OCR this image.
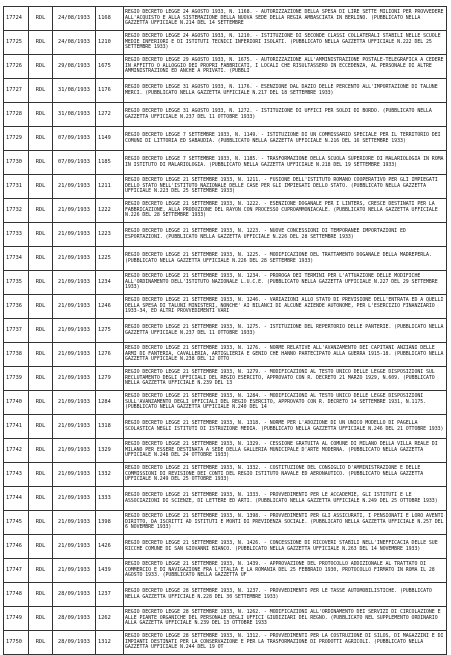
17724	RDL	24/08/1933	1168	REGIO DECRETO LEGGE 24 AGOSTO 1933, N. 1168. - AUTORIZZAZIONE DELLA SPESA DI LIRE SETTE MILIONI PER PROVVEDERE ALL'ACQUISTO E ALLA SISTEMAZIONE DELLA NUOVA SEDE DELLA REGIA AMBASCIATA IN BERLINO. (PUBBLICATO NELLA GAZZETTA UFFICIALE N.214 DEL 14 SETTEMBRE
17725	RDL	24/08/1933	1210	REGIO DECRETO LEGGE 24 AGOSTO 1933, N. 1210. - ISTITUZIONE DI SECONDE CLASSI COLLATERALI STABILI NELLE SCUOLE MEDIE INFERIORI E DI ISTITUTI TECNICI INFERIORI ISOLATI. (PUBBLICATO NELLA GAZZETTA UFFICIALE N.222 DEL 25 SETTEMBRE 1933)
17726	RDL	29/08/1933	1675	REGIO DECRETO LEGGE 29 AGOSTO 1933, N. 1675. - AUTORIZZAZIONE ALL'AMMINISTRAZIONE POSTALE-TELEGRAFICA A CEDERE IN AFFITTO O ALLOGGIO DEI PROPRI FABBRICATI, I LOCALI CHE RISULTASSERO IN ECCEDENZA, AL PERSONALE DI ALTRE AMMINISTRAZIONI ED ANCHE A PRIVATI. (PUBBLI
17727	RDL	31/08/1933	1176	REGIO DECRETO LEGGE 31 AGOSTO 1933, N. 1176. - ESENZIONE DAL DAZIO DELLE PERCENTO ALL'IMPORTAZIONE DI TALUNE MERCI. (PUBBLICATO NELLA GAZZETTA UFFICIALE N.217 DEL 18 SETTEMBRE 1933)
17728	RDL	31/08/1933	1272	REGIO DECRETO LEGGE 31 AGOSTO 1933, N. 1272. - ISTITUZIONE DI UFFICI PER SOLDI DI BORDO. (PUBBLICATO NELLA GAZZETTA UFFICIALE N.237 DEL 11 OTTOBRE 1933)
17729	RDL	07/09/1933	1149	REGIO DECRETO LEGGE 7 SETTEMBRE 1933, N. 1149. - ISTITUZIONE DI UN COMMISSARIO SPECIALE PER IL TERRITORIO DEI COMUNI DI LITTORIA ED SABAUDIA. (PUBBLICATO NELLA GAZZETTA UFFICIALE N.216 DEL 16 SETTEMBRE 1933)
17730	RDL	07/09/1933	1185	REGIO DECRETO LEGGE 7 SETTEMBRE 1933, N. 1185. - TRASFORMAZIONE DELLA SCUOLA SUPERIORE DI MALARIOLOGIA IN ROMA IN ISTITUTO DI MALARIOLOGIA. (PUBBLICATO NELLA GAZZETTA UFFICIALE N.218 DEL 19 SETTEMBRE 1933)
17731	RDL	21/09/1933	1211	REGIO DECRETO LEGGE 21 SETTEMBRE 1933, N. 1211. - FUSIONE DELL'ISTITUTO ROMANO COOPERATIVO PER GLI IMPIEGATI DELLO STATO NELL'ISTITUTO NAZIONALE DELLE CASE PER GLI IMPIEGATI DELLO STATO. (PUBBLICATO NELLA GAZZETTA UFFICIALE N.223 DEL 25 SETTEMBRE 1933)
17732	RDL	21/09/1933	1222	REGIO DECRETO LEGGE 21 SETTEMBRE 1933, N. 1222. - ESENZIONE DOGANALE PER I LINTERS, CRESCE DESTINATI PER LA FABBRICAZIONE, ALLA PRODUZIONE DEL RAYON CON PROCESSO CUPROAMMONIACALE. (PUBBLICATO NELLA GAZZETTA UFFICIALE N.226 DEL 28 SETTEMBRE 1933)
17733	RDL	21/09/1933	1223	REGIO DECRETO LEGGE 21 SETTEMBRE 1933, N. 1223. - NUOVE CONCESSIONI DI TEMPORANEE IMPORTAZIONI ED ESPORTAZIONI. (PUBBLICATO NELLA GAZZETTA UFFICIALE N.226 DEL 28 SETTEMBRE 1933)
17734	RDL	21/09/1933	1225	REGIO DECRETO LEGGE 21 SETTEMBRE 1933, N. 1225. - MODIFICAZIONE DEL TRATTAMENTO DOGANALE DELLA MADREPERLA. (PUBBLICATO NELLA GAZZETTA UFFICIALE N.226 DEL 28 SETTEMBRE 1933)
17735	RDL	21/09/1933	1234	REGIO DECRETO LEGGE 21 SETTEMBRE 1933, N. 1234. - PROROGA DEI TERMINI PER L'ATTUAZIONE DELLE MODIFICHE ALL'ORDINAMENTO DELL'ISTITUTO NAZIONALE L.U.C.E. (PUBBLICATO NELLA GAZZETTA UFFICIALE N.227 DEL 29 SETTEMBRE 1933)
17736	RDL	21/09/1933	1246	REGIO DECRETO LEGGE 21 SETTEMBRE 1933, N. 1246. - VARIAZIONI ALLO STATO DI PREVISIONE DELL'ENTRATA ED A QUELLI DELLA SPESA DI TALUNI MINISTERI, NONCHE' AI BILANCI DI ALCUNE AZIENDE AUTONOME, PER L'ESERCIZIO FINANZIARIO 1933-34, ED ALTRI PROVVEDIMENTI VARI
17737	RDL	21/09/1933	1275	REGIO DECRETO LEGGE 21 SETTEMBRE 1933, N. 1275. - ISTITUZIONE DEL REPERTORIO DELLE PANTERIE. (PUBBLICATO NELLA GAZZETTA UFFICIALE N.237 DEL 11 OTTOBRE 1933)
17738	RDL	21/09/1933	1276	REGIO DECRETO LEGGE 21 SETTEMBRE 1933, N. 1276. - NORME RELATIVE ALL'AVANZAMENTO DEI CAPITANI ANZIANI DELLE ARMI DI FANTERIA, CAVALLERIA, ARTIGLIERIA E GENIO CHE HANNO PARTECIPATO ALLA GUERRA 1915-18. (PUBBLICATO NELLA GAZZETTA UFFICIALE N.238 DEL 12 OTTO
17739	RDL	21/09/1933	1279	REGIO DECRETO LEGGE 21 SETTEMBRE 1933, N. 1279. - MODIFICAZIONI AL TESTO UNICO DELLE LEGGE DISPOSIZIONI SUL RECLUTAMENTO DEGLI UFFICIALI DEL REGIO ESERCITO, APPROVATO CON R. DECRETO 21 MARZO 1929, N.609. (PUBBLICATO NELLA GAZZETTA UFFICIALE N.239 DEL 13
17740	RDL	21/09/1933	1284	REGIO DECRETO LEGGE 21 SETTEMBRE 1933, N. 1284. - MODIFICAZIONI AL TESTO UNICO DELLE LEGGE DISPOSIZIONI SULL'AVANZAMENTO DEGLI UFFICIALI DEL REGIO ESERCITO, APPROVATO CON R. DECRETO 14 SETTEMBRE 1931, N.1175. (PUBBLICATO NELLA GAZZETTA UFFICIALE N.240 DEL 14
17741	RDL	21/09/1933	1318	REGIO DECRETO LEGGE 21 SETTEMBRE 1933, N. 1318. - NORME PER L'ADOZIONE DI UN UNICO MODELLO DI PAGELLA SCOLASTICA NEGLI ISTITUTI DI ISTRUZIONE MEDIA. (PUBBLICATO NELLA GAZZETTA UFFICIALE N.246 DEL 21 OTTOBRE 1933)
17742	RDL	21/09/1933	1329	REGIO DECRETO LEGGE 21 SETTEMBRE 1933, N. 1329. - CESSIONE GRATUITA AL COMUNE DI MILANO DELLA VILLA REALE DI MILANO PER ESSERE DESTINATA A SEDE DELLA GALLERIA MUNICIPALE D'ARTE MODERNA. (PUBBLICATO NELLA GAZZETTA UFFICIALE N.248 DEL 24 OTTOBRE 1933)
17743	RDL	21/09/1933	1332	REGIO DECRETO LEGGE 21 SETTEMBRE 1933, N. 1332. - COSTITUZIONE DEL CONSIGLIO D'AMMINISTRAZIONE E DELLE COMMISSIONI DI REVISIONE DEI CONTI DEL REGIO ISTITUTO NAVALE ED AERONAUTICO. (PUBBLICATO NELLA GAZZETTA UFFICIALE N.249 DEL 25 OTTOBRE 1933)
17744	RDL	21/09/1933	1333	REGIO DECRETO LEGGE 21 SETTEMBRE 1933, N. 1333. - PROVVEDIMENTI PER LE ACCADEMIE, GLI ISTITUTI E LE ASSOCIAZIONI DI SCIENZE, DI LETTERE ED ARTI. (PUBBLICATO NELLA GAZZETTA UFFICIALE N.249 DEL 25 OTTOBRE 1933)
17745	RDL	21/09/1933	1398	REGIO DECRETO LEGGE 21 SETTEMBRE 1933, N. 1398. - PROVVEDIMENTI PER GLI ASSICURATI, I PENSIONATI E LORO AVENTI DIRITTO, DA ISCRITTI AD ISTITUTI E MONTI DI PREVIDENZA SOCIALE. (PUBBLICATO NELLA GAZZETTA UFFICIALE N.257 DEL 6 NOVEMBRE 1933)
17746	RDL	21/09/1933	1426	REGIO DECRETO LEGGE 21 SETTEMBRE 1933, N. 1426. - CONCESSIONE DI RICOVERI STABILI NELL'INEFFICACIA DELLE SUE RICCHE COMUNE DI SAN GIOVANNI BIANCO. (PUBBLICATO NELLA GAZZETTA UFFICIALE N.263 DEL 14 NOVEMBRE 1933)
17747	RDL	21/09/1933	1439	REGIO DECRETO LEGGE 21 SETTEMBRE 1933, N. 1439. - APPROVAZIONE DEL PROTOCOLLO ADDIZIONALE AL TRATTATO DI COMMERCIO E DI NAVIGAZIONE FRA L'ITALIA E LA ROMANIA DEL 25 FEBBRAIO 1930, PROTOCOLLO FIRMATO IN ROMA IL 28 AGOSTO 1933. (PUBBLICATO NELLA GAZZETTA UF
17748	RDL	28/09/1933	1237	REGIO DECRETO LEGGE 28 SETTEMBRE 1933, N. 1237. - PROVVEDIMENTI PER LE TASSE AUTOMOBILISTICHE. (PUBBLICATO NELLA GAZZETTA UFFICIALE N.228 DEL 30 SETTEMBRE 1933)
17749	RDL	28/09/1933	1262	REGIO DECRETO LEGGE 28 SETTEMBRE 1933, N. 1262. - MODIFICAZIONI ALL'ORDINAMENTO DEI SERVIZI DI CIRCOLAZIONE E ALLE PIANTE ORGANICHE DEL PERSONALE DEGLI UFFICI GIUDIZIARI DEL REGNO. (PUBBLICATO NEL SUPPLEMENTO ORDINARIO ALLA GAZZETTA UFFICIALE N.239 DEL 13 OTTOBRE 1933
17750	RDL	28/09/1933	1312	REGIO DECRETO LEGGE 28 SETTEMBRE 1933, N. 1312. - PROVVEDIMENTI PER LA COSTRUZIONE DI SILOS, DI MAGAZZINI E DI IMPIANTI DESTINATI PER LA CONSERVAZIONE E PER LA TRASFORMAZIONE DI PRODOTTI AGRICOLI. (PUBBLICATO NELLA GAZZETTA UFFICIALE N.244 DEL 19 OT
